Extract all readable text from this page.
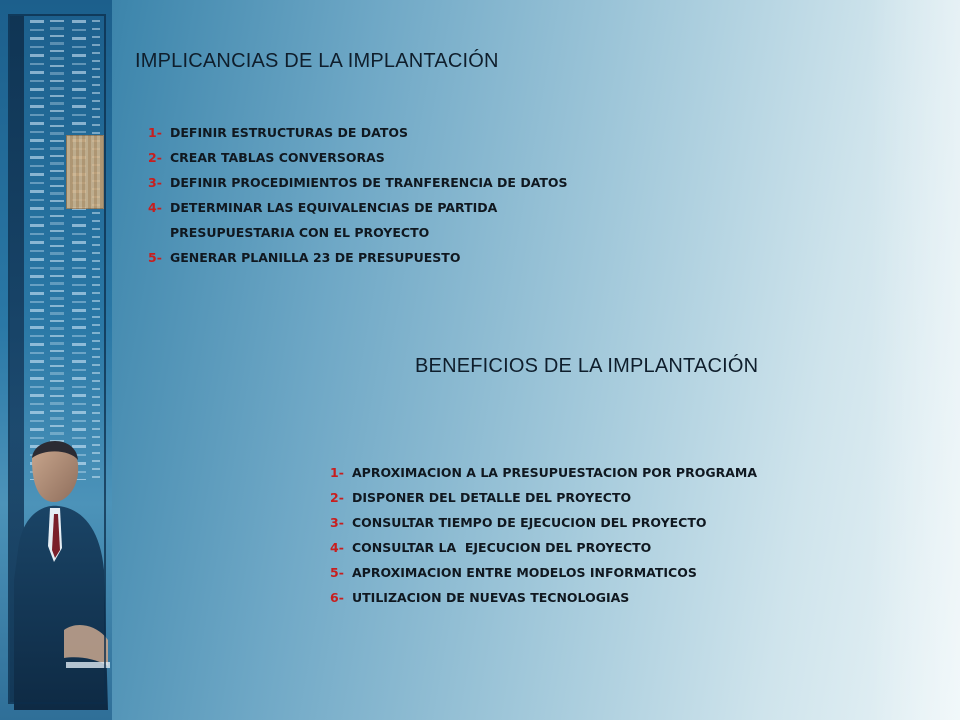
IMPLICANCIAS DE LA IMPLANTACIÓN
1- DEFINIR ESTRUCTURAS DE DATOS
2- CREAR TABLAS CONVERSORAS
3- DEFINIR PROCEDIMIENTOS DE TRANFERENCIA DE DATOS
4- DETERMINAR LAS EQUIVALENCIAS DE PARTIDA
PRESUPUESTARIA CON EL PROYECTO
5- GENERAR PLANILLA 23 DE PRESUPUESTO
BENEFICIOS DE LA IMPLANTACIÓN
1- APROXIMACION A LA PRESUPUESTACION POR PROGRAMA
2- DISPONER DEL DETALLE DEL PROYECTO
3- CONSULTAR TIEMPO DE EJECUCION DEL PROYECTO
4- CONSULTAR LA  EJECUCION DEL PROYECTO
5- APROXIMACION ENTRE MODELOS INFORMATICOS
6- UTILIZACION DE NUEVAS TECNOLOGIAS
